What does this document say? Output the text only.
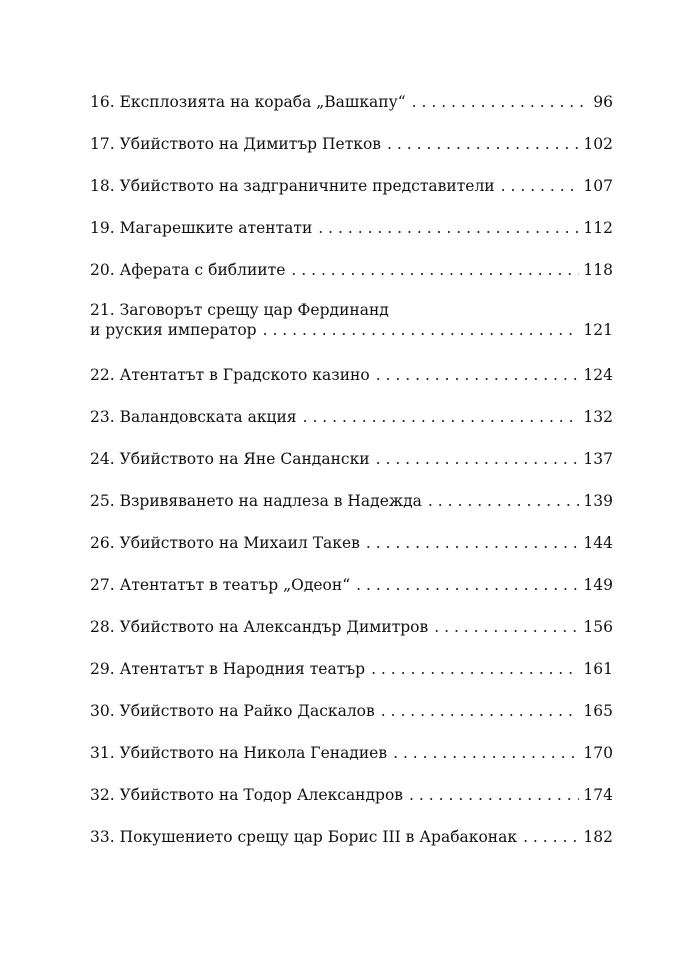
16. Експлозията на кораба „Вашкапу“ . . .	96
17. Убийството на Димитър Петков . . .	102
18. Убийството на задграничните представители . . .	107
19. Магарешките атентати . . .	112
20. Аферата с библиите . . .	118
21. Заговорът срещу цар Фердинанд
и руския император . . .	121
22. Атентатът в Градското казино . . .	124
23. Валандовската акция . . .	132
24. Убийството на Яне Сандански . . .	137
25. Взривяването на надлеза в Надежда . . .	139
26. Убийството на Михаил Такев . . .	144
27. Атентатът в театър „Одеон“ . . .	149
28. Убийството на Александър Димитров . . .	156
29. Атентатът в Народния театър . . .	161
30. Убийството на Райко Даскалов . . .	165
31. Убийството на Никола Генадиев . . .	170
32. Убийството на Тодор Александров . . .	174
33. Покушението срещу цар Борис III в Арабаконак . . .	182
